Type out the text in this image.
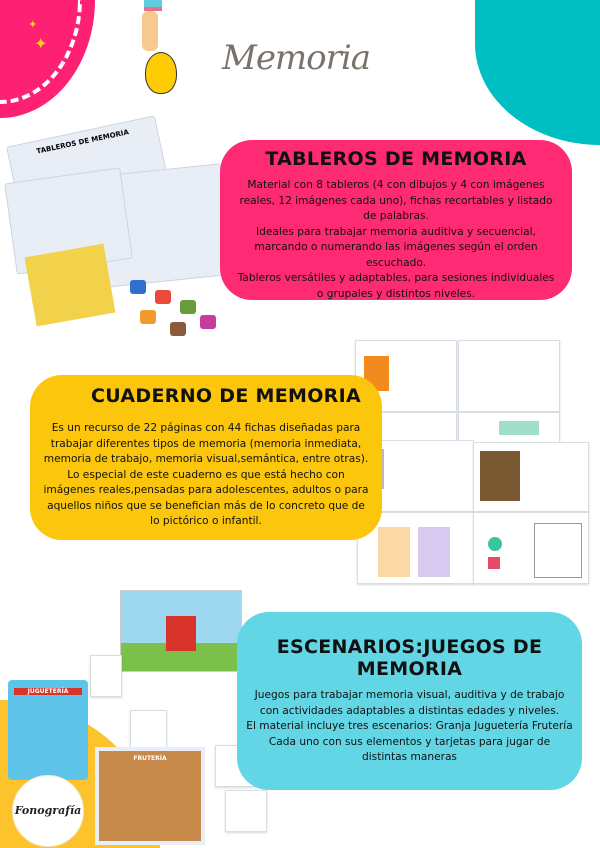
✦
✦	Memoria
TABLEROS DE MEMORIA
TABLEROS DE MEMORIA

Material con 8 tableros (4 con dibujos y 4 con imágenes reales, 12 imágenes cada uno), fichas recortables y listado de palabras.
Ideales para trabajar memoria auditiva y secuencial, marcando o numerando las imágenes según el orden escuchado.
Tableros versátiles y adaptables, para sesiones individuales o grupales y distintos niveles.

CUADERNO DE MEMORIA

Es un recurso de 22 páginas con 44 fichas diseñadas para trabajar diferentes tipos de memoria (memoria inmediata, memoria de trabajo, memoria visual,semántica, entre otras).
Lo especial de este cuaderno es que está hecho con imágenes reales,pensadas para adolescentes, adultos o para aquellos niños que se benefician más de lo concreto que de lo pictórico o infantil.

JUGUETERÍA
FRUTERÍA
ESCENARIOS:JUEGOS DE MEMORIA

Juegos para trabajar memoria visual, auditiva y de trabajo con actividades adaptables a distintas edades y niveles.
El material incluye tres escenarios: Granja Juguetería Frutería Cada uno con sus elementos y tarjetas para jugar de distintas maneras

Fonografía
